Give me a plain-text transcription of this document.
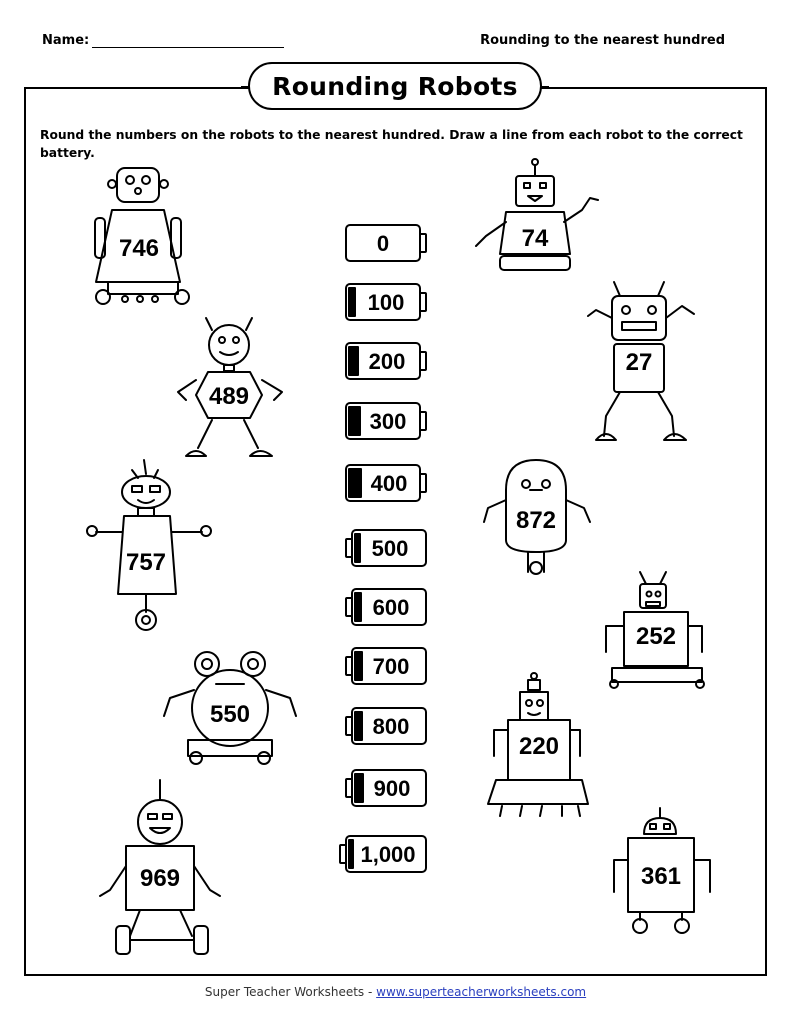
Name:	Rounding to the nearest hundred
Rounding Robots
Round the numbers on the robots to the nearest hundred. Draw a line from each robot to the correct battery.
0
100
200
300
400
500
600
700
800
900
1,000
746
489
757
550
969
74
27
872
252
220
361
Super Teacher Worksheets - www.superteacherworksheets.com
